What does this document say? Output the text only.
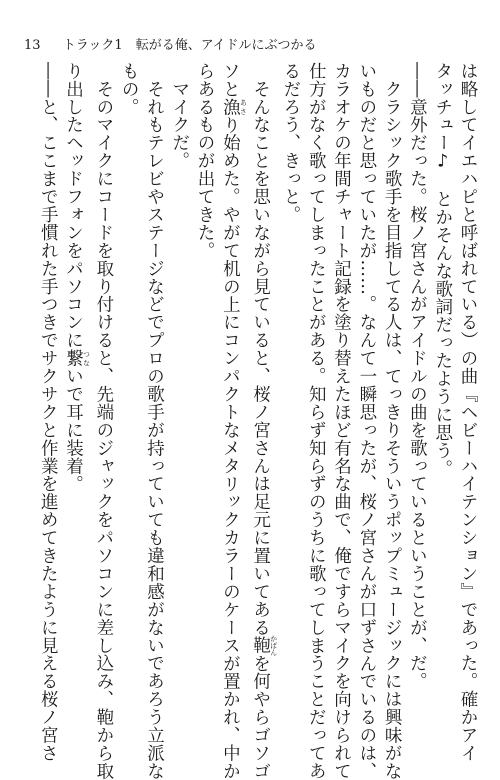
13 トラック1　転がる俺、アイドルにぶつかる
は略してイエハピと呼ばれている）の曲『ヘビーハイテンション』であった。確かアイ
タッチュー♪　とかそんな歌詞だったように思う。
――意外だった。桜ノ宮さんがアイドルの曲を歌っているということが、だ。
　クラシック歌手を目指してる人は、てっきりそういうポップミュージックには興味がな
いものだと思っていたが……。なんて一瞬思ったが、桜ノ宮さんが口ずさんでいるのは、
カラオケの年間チャート記録を塗り替えたほど有名な曲で、俺ですらマイクを向けられて
仕方がなく歌ってしまったことがある。知らず知らずのうちに歌ってしまうことだってあ
るだろう、きっと。
　そんなことを思いながら見ていると、桜ノ宮さんは足元に置いてある鞄 かばんを何やらゴソゴ
ソと漁 あさり始めた。やがて机の上にコンパクトなメタリックカラーのケースが置かれ、中か
らあるものが出てきた。
　マイクだ。
　それもテレビやステージなどでプロの歌手が持っていても違和感がないであろう立派な
もの。
　そのマイクにコードを取り付けると、先端のジャックをパソコンに差し込み、鞄から取
り出したヘッドフォンをパソコンに繋 つないで耳に装着。
――と、ここまで手慣れた手つきでサクサクと作業を進めてきたように見える桜ノ宮さ
